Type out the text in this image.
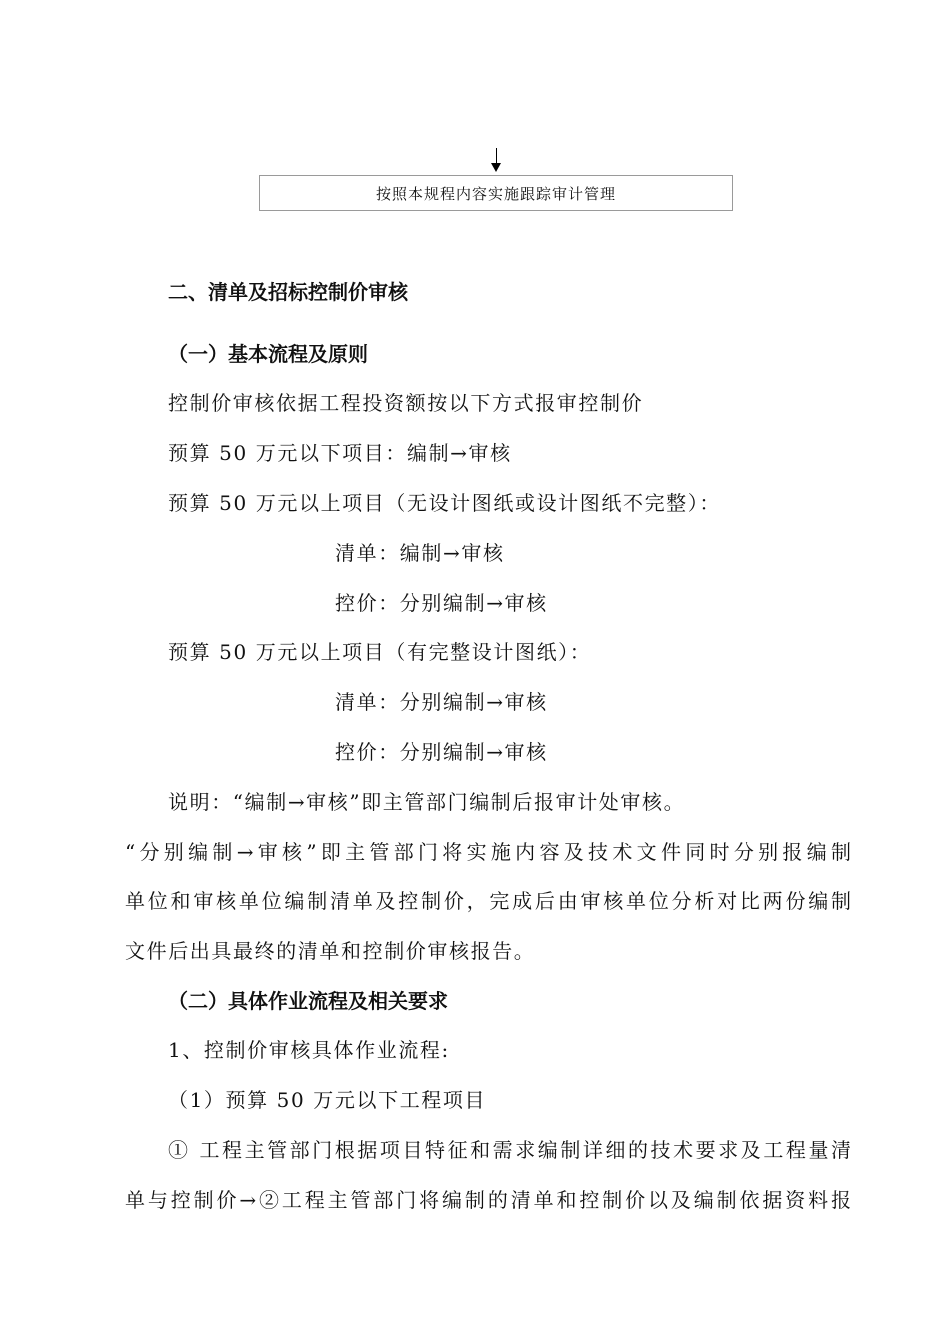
按照本规程内容实施跟踪审计管理
二、清单及招标控制价审核
（一）基本流程及原则
控制价审核依据工程投资额按以下方式报审控制价
预算 50 万元以下项目：编制→审核
预算 50 万元以上项目（无设计图纸或设计图纸不完整）：
清单：编制→审核
控价：分别编制→审核
预算 50 万元以上项目（有完整设计图纸）：
清单：分别编制→审核
控价：分别编制→审核
说明：“编制→审核”即主管部门编制后报审计处审核。
“分别编制→审核”即主管部门将实施内容及技术文件同时分别报编制
单位和审核单位编制清单及控制价，完成后由审核单位分析对比两份编制
文件后出具最终的清单和控制价审核报告。
（二）具体作业流程及相关要求
1、控制价审核具体作业流程:
（1）预算 50 万元以下工程项目
① 工程主管部门根据项目特征和需求编制详细的技术要求及工程量清
单与控制价→②工程主管部门将编制的清单和控制价以及编制依据资料报
